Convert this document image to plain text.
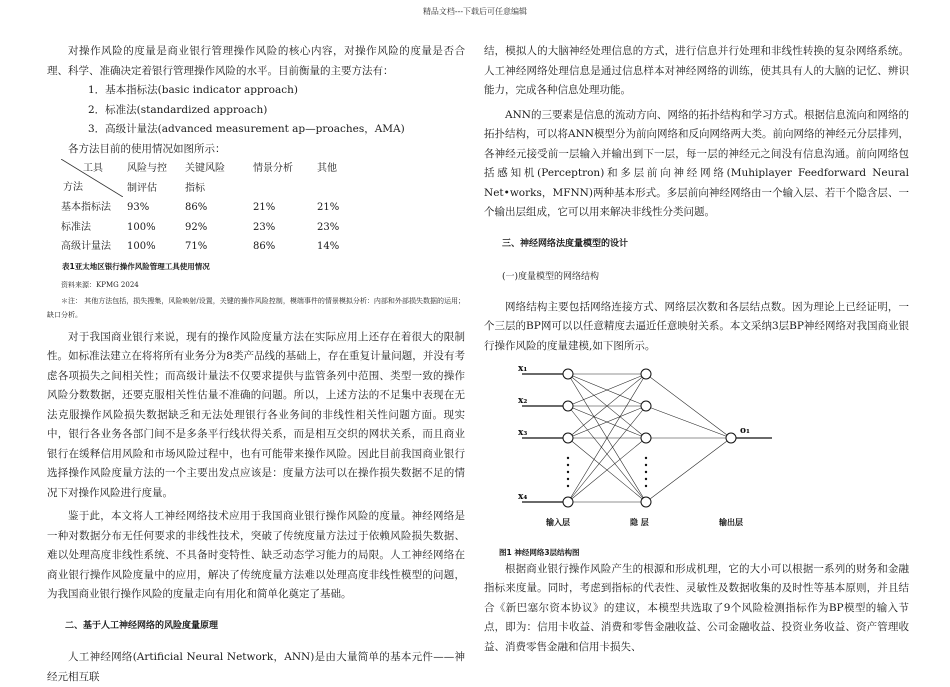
精品文档---下载后可任意编辑

对操作风险的度量是商业银行管理操作风险的核心内容，对操作风险的度量是否合理、科学、准确决定着银行管理操作风险的水平。目前衡量的主要方法有：

1．基本指标法(basic indicator approach)

2．标准法(standardized approach)

3．高级计量法(advanced measurement ap—proaches，AMA)

各方法目前的使用情况如图所示：

工具
方法	风险与控	关键风险	情景分析	其他
	制评估	指标		
基本指标法	93%	86%	21%	21%
标准法	100%	92%	23%	23%
高级计量法	100%	71%	86%	14%

表1亚太地区银行操作风险管理工具使用情况

资料来源：KPMG 2024

＊注： 其他方法包括，损失搜集，风险映射/设置，关键的操作风险控制，模端事件的情景模拟分析：内部和外部损失数据的运用；缺口分析。

对于我国商业银行来说，现有的操作风险度量方法在实际应用上还存在着很大的限制性。如标准法建立在将将所有业务分为8类产品线的基础上，存在重复计量问题，并没有考虑各项损失之间相关性；而高级计量法不仅要求提供与监管条列中范围、类型一致的操作风险分数数据，还要克服相关性估量不准确的问题。所以，上述方法的不足集中表现在无法克服操作风险损失数据缺乏和无法处理银行各业务间的非线性相关性问题方面。现实中，银行各业务各部门间不是多条平行线状得关系，而是相互交织的网状关系，而且商业银行在缓释信用风险和市场风险过程中，也有可能带来操作风险。因此目前我国商业银行选择操作风险度量方法的一个主要出发点应该是：度量方法可以在操作损失数据不足的情况下对操作风险进行度量。

鉴于此，本文将人工神经网络技术应用于我国商业银行操作风险的度量。神经网络是一种对数据分布无任何要求的非线性技术，突破了传统度量方法过于依赖风险损失数据、难以处理高度非线性系统、不具备时变特性、缺乏动态学习能力的局限。人工神经网络在商业银行操作风险度量中的应用，解决了传统度量方法难以处理高度非线性模型的问题，为我国商业银行操作风险的度量走向有用化和简单化奠定了基础。

二、基于人工神经网络的风险度量原理

人工神经网络(Artificial Neural Network，ANN)是由大量简单的基本元件——神经元相互联

结，模拟人的大脑神经处理信息的方式，进行信息并行处理和非线性转换的复杂网络系统。人工神经网络处理信息是通过信息样本对神经网络的训练，使其具有人的大脑的记忆、辨识能力，完成各种信息处理功能。

ANN的三要素是信息的流动方向、网络的拓扑结构和学习方式。根据信息流向和网络的拓扑结构，可以将ANN模型分为前向网络和反向网络两大类。前向网络的神经元分层排列，各神经元接受前一层输入并输出到下一层，每一层的神经元之间没有信息沟通。前向网络包括感知机(Perceptron)和多层前向神经网络(Muhiplayer Feedforward Neural Net•works，MFNN)两种基本形式。多层前向神经网络由一个输入层、若干个隐含层、一个输出层组成，它可以用来解决非线性分类问题。

三、神经网络法度量模型的设计

(一)度量模型的网络结构

网络结构主要包括网络连接方式、网络层次数和各层结点数。因为理论上已经证明，一个三层的BP网可以以任意精度去逼近任意映射关系。本文采纳3层BP神经网络对我国商业银行操作风险的度量建模,如下图所示。

x₁
x₂
x₃
x₄
o₁
输入层	隐 层	输出层

图1 神经网络3层结构图

根据商业银行操作风险产生的根源和形成机理，它的大小可以根据一系列的财务和金融指标来度量。同时，考虑到指标的代表性、灵敏性及数据收集的及时性等基本原则，并且结合《新巴塞尔资本协议》的建议，本模型共选取了9个风险检测指标作为BP模型的输入节点，即为：信用卡收益、消费和零售金融收益、公司金融收益、投资业务收益、资产管理收益、消费零售金融和信用卡损失、
